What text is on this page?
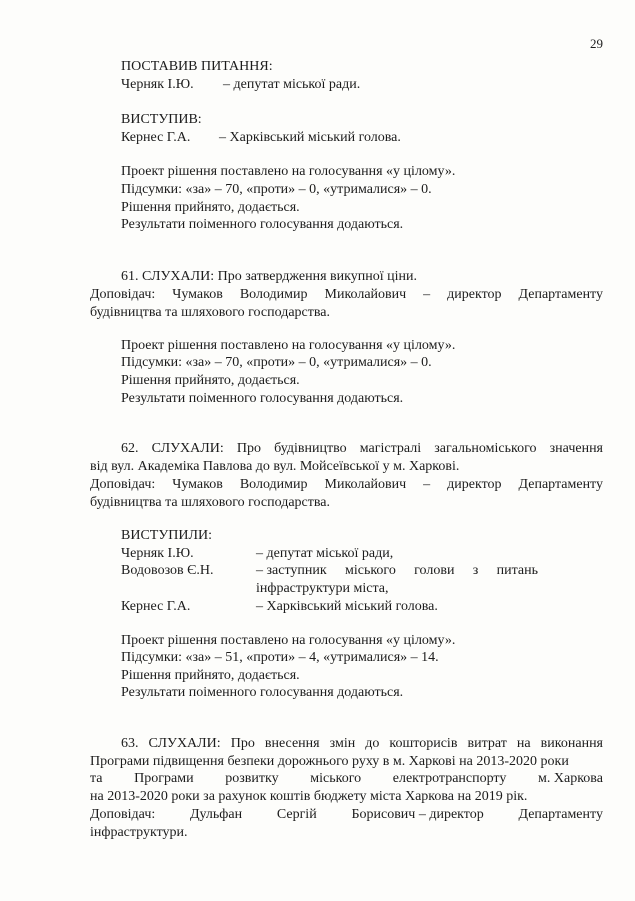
29
ПОСТАВИВ ПИТАННЯ:
Черняк І.Ю. – депутат міської ради.
ВИСТУПИВ:
Кернес Г.А. – Харківський міський голова.
Проект рішення поставлено на голосування «у цілому».
Підсумки: «за» – 70, «проти» – 0, «утрималися» – 0.
Рішення прийнято, додається.
Результати поіменного голосування додаються.
61. СЛУХАЛИ: Про затвердження викупної ціни.
Доповідач: Чумаков Володимир Миколайович – директор Департаменту
будівництва та шляхового господарства.
Проект рішення поставлено на голосування «у цілому».
Підсумки: «за» – 70, «проти» – 0, «утрималися» – 0.
Рішення прийнято, додається.
Результати поіменного голосування додаються.
62. СЛУХАЛИ: Про будівництво магістралі загальноміського значення
від вул. Академіка Павлова до вул. Мойсеївської у м. Харкові.
Доповідач: Чумаков Володимир Миколайович – директор Департаменту
будівництва та шляхового господарства.
ВИСТУПИЛИ:
Черняк І.Ю.	– депутат міської ради,
Водовозов Є.Н.	– заступник міського голови з питань
інфраструктури міста,
Кернес Г.А.	– Харківський міський голова.
Проект рішення поставлено на голосування «у цілому».
Підсумки: «за» – 51, «проти» – 4, «утрималися» – 14.
Рішення прийнято, додається.
Результати поіменного голосування додаються.
63. СЛУХАЛИ: Про внесення змін до кошторисів витрат на виконання
Програми підвищення безпеки дорожнього руху в м. Харкові на 2013-2020 роки
та Програми розвитку міського електротранспорту м. Харкова
на 2013-2020 роки за рахунок коштів бюджету міста Харкова на 2019 рік.
Доповідач: Дульфан Сергій Борисович – директор Департаменту
інфраструктури.
